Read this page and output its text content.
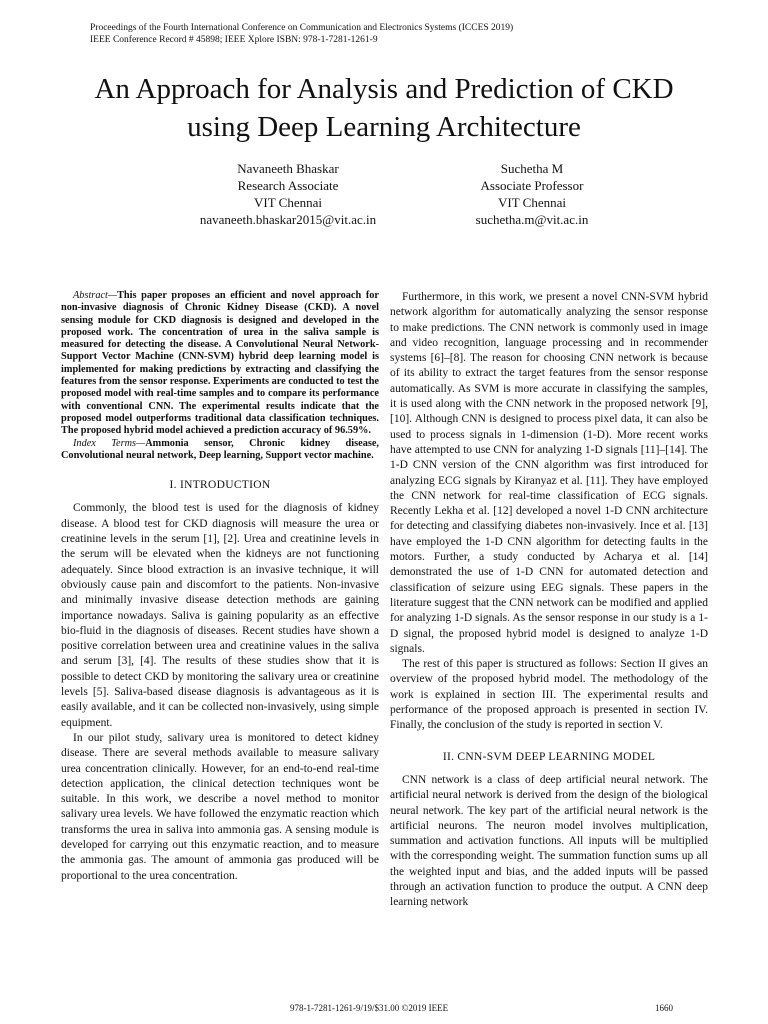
Proceedings of the Fourth International Conference on Communication and Electronics Systems (ICCES 2019)
IEEE Conference Record # 45898; IEEE Xplore ISBN: 978-1-7281-1261-9
An Approach for Analysis and Prediction of CKD
using Deep Learning Architecture
Navaneeth Bhaskar
Research Associate
VIT Chennai
navaneeth.bhaskar2015@vit.ac.in
Suchetha M
Associate Professor
VIT Chennai
suchetha.m@vit.ac.in

Abstract—This paper proposes an efficient and novel approach for non-invasive diagnosis of Chronic Kidney Disease (CKD). A novel sensing module for CKD diagnosis is designed and developed in the proposed work. The concentration of urea in the saliva sample is measured for detecting the disease. A Convolutional Neural Network-Support Vector Machine (CNN-SVM) hybrid deep learning model is implemented for making predictions by extracting and classifying the features from the sensor response. Experiments are conducted to test the proposed model with real-time samples and to compare its performance with conventional CNN. The experimental results indicate that the proposed model outperforms traditional data classification techniques. The proposed hybrid model achieved a prediction accuracy of 96.59%.

Index Terms—Ammonia sensor, Chronic kidney disease, Convolutional neural network, Deep learning, Support vector machine.

I. INTRODUCTION

Commonly, the blood test is used for the diagnosis of kidney disease. A blood test for CKD diagnosis will measure the urea or creatinine levels in the serum [1], [2]. Urea and creatinine levels in the serum will be elevated when the kidneys are not functioning adequately. Since blood extraction is an invasive technique, it will obviously cause pain and discomfort to the patients. Non-invasive and minimally invasive disease detection methods are gaining importance nowadays. Saliva is gaining popularity as an effective bio-fluid in the diagnosis of diseases. Recent studies have shown a positive correlation between urea and creatinine values in the saliva and serum [3], [4]. The results of these studies show that it is possible to detect CKD by monitoring the salivary urea or creatinine levels [5]. Saliva-based disease diagnosis is advantageous as it is easily available, and it can be collected non-invasively, using simple equipment.

In our pilot study, salivary urea is monitored to detect kidney disease. There are several methods available to measure salivary urea concentration clinically. However, for an end-to-end real-time detection application, the clinical detection techniques wont be suitable. In this work, we describe a novel method to monitor salivary urea levels. We have followed the enzymatic reaction which transforms the urea in saliva into ammonia gas. A sensing module is developed for carrying out this enzymatic reaction, and to measure the ammonia gas. The amount of ammonia gas produced will be proportional to the urea concentration.

Furthermore, in this work, we present a novel CNN-SVM hybrid network algorithm for automatically analyzing the sensor response to make predictions. The CNN network is commonly used in image and video recognition, language processing and in recommender systems [6]–[8]. The reason for choosing CNN network is because of its ability to extract the target features from the sensor response automatically. As SVM is more accurate in classifying the samples, it is used along with the CNN network in the proposed network [9], [10]. Although CNN is designed to process pixel data, it can also be used to process signals in 1-dimension (1-D). More recent works have attempted to use CNN for analyzing 1-D signals [11]–[14]. The 1-D CNN version of the CNN algorithm was first introduced for analyzing ECG signals by Kiranyaz et al. [11]. They have employed the CNN network for real-time classification of ECG signals. Recently Lekha et al. [12] developed a novel 1-D CNN architecture for detecting and classifying diabetes non-invasively. Ince et al. [13] have employed the 1-D CNN algorithm for detecting faults in the motors. Further, a study conducted by Acharya et al. [14] demonstrated the use of 1-D CNN for automated detection and classification of seizure using EEG signals. These papers in the literature suggest that the CNN network can be modified and applied for analyzing 1-D signals. As the sensor response in our study is a 1-D signal, the proposed hybrid model is designed to analyze 1-D signals.

The rest of this paper is structured as follows: Section II gives an overview of the proposed hybrid model. The methodology of the work is explained in section III. The experimental results and performance of the proposed approach is presented in section IV. Finally, the conclusion of the study is reported in section V.

II. CNN-SVM DEEP LEARNING MODEL

CNN network is a class of deep artificial neural network. The artificial neural network is derived from the design of the biological neural network. The key part of the artificial neural network is the artificial neurons. The neuron model involves multiplication, summation and activation functions. All inputs will be multiplied with the corresponding weight. The summation function sums up all the weighted input and bias, and the added inputs will be passed through an activation function to produce the output. A CNN deep learning network

978-1-7281-1261-9/19/$31.00 ©2019 IEEE	1660
